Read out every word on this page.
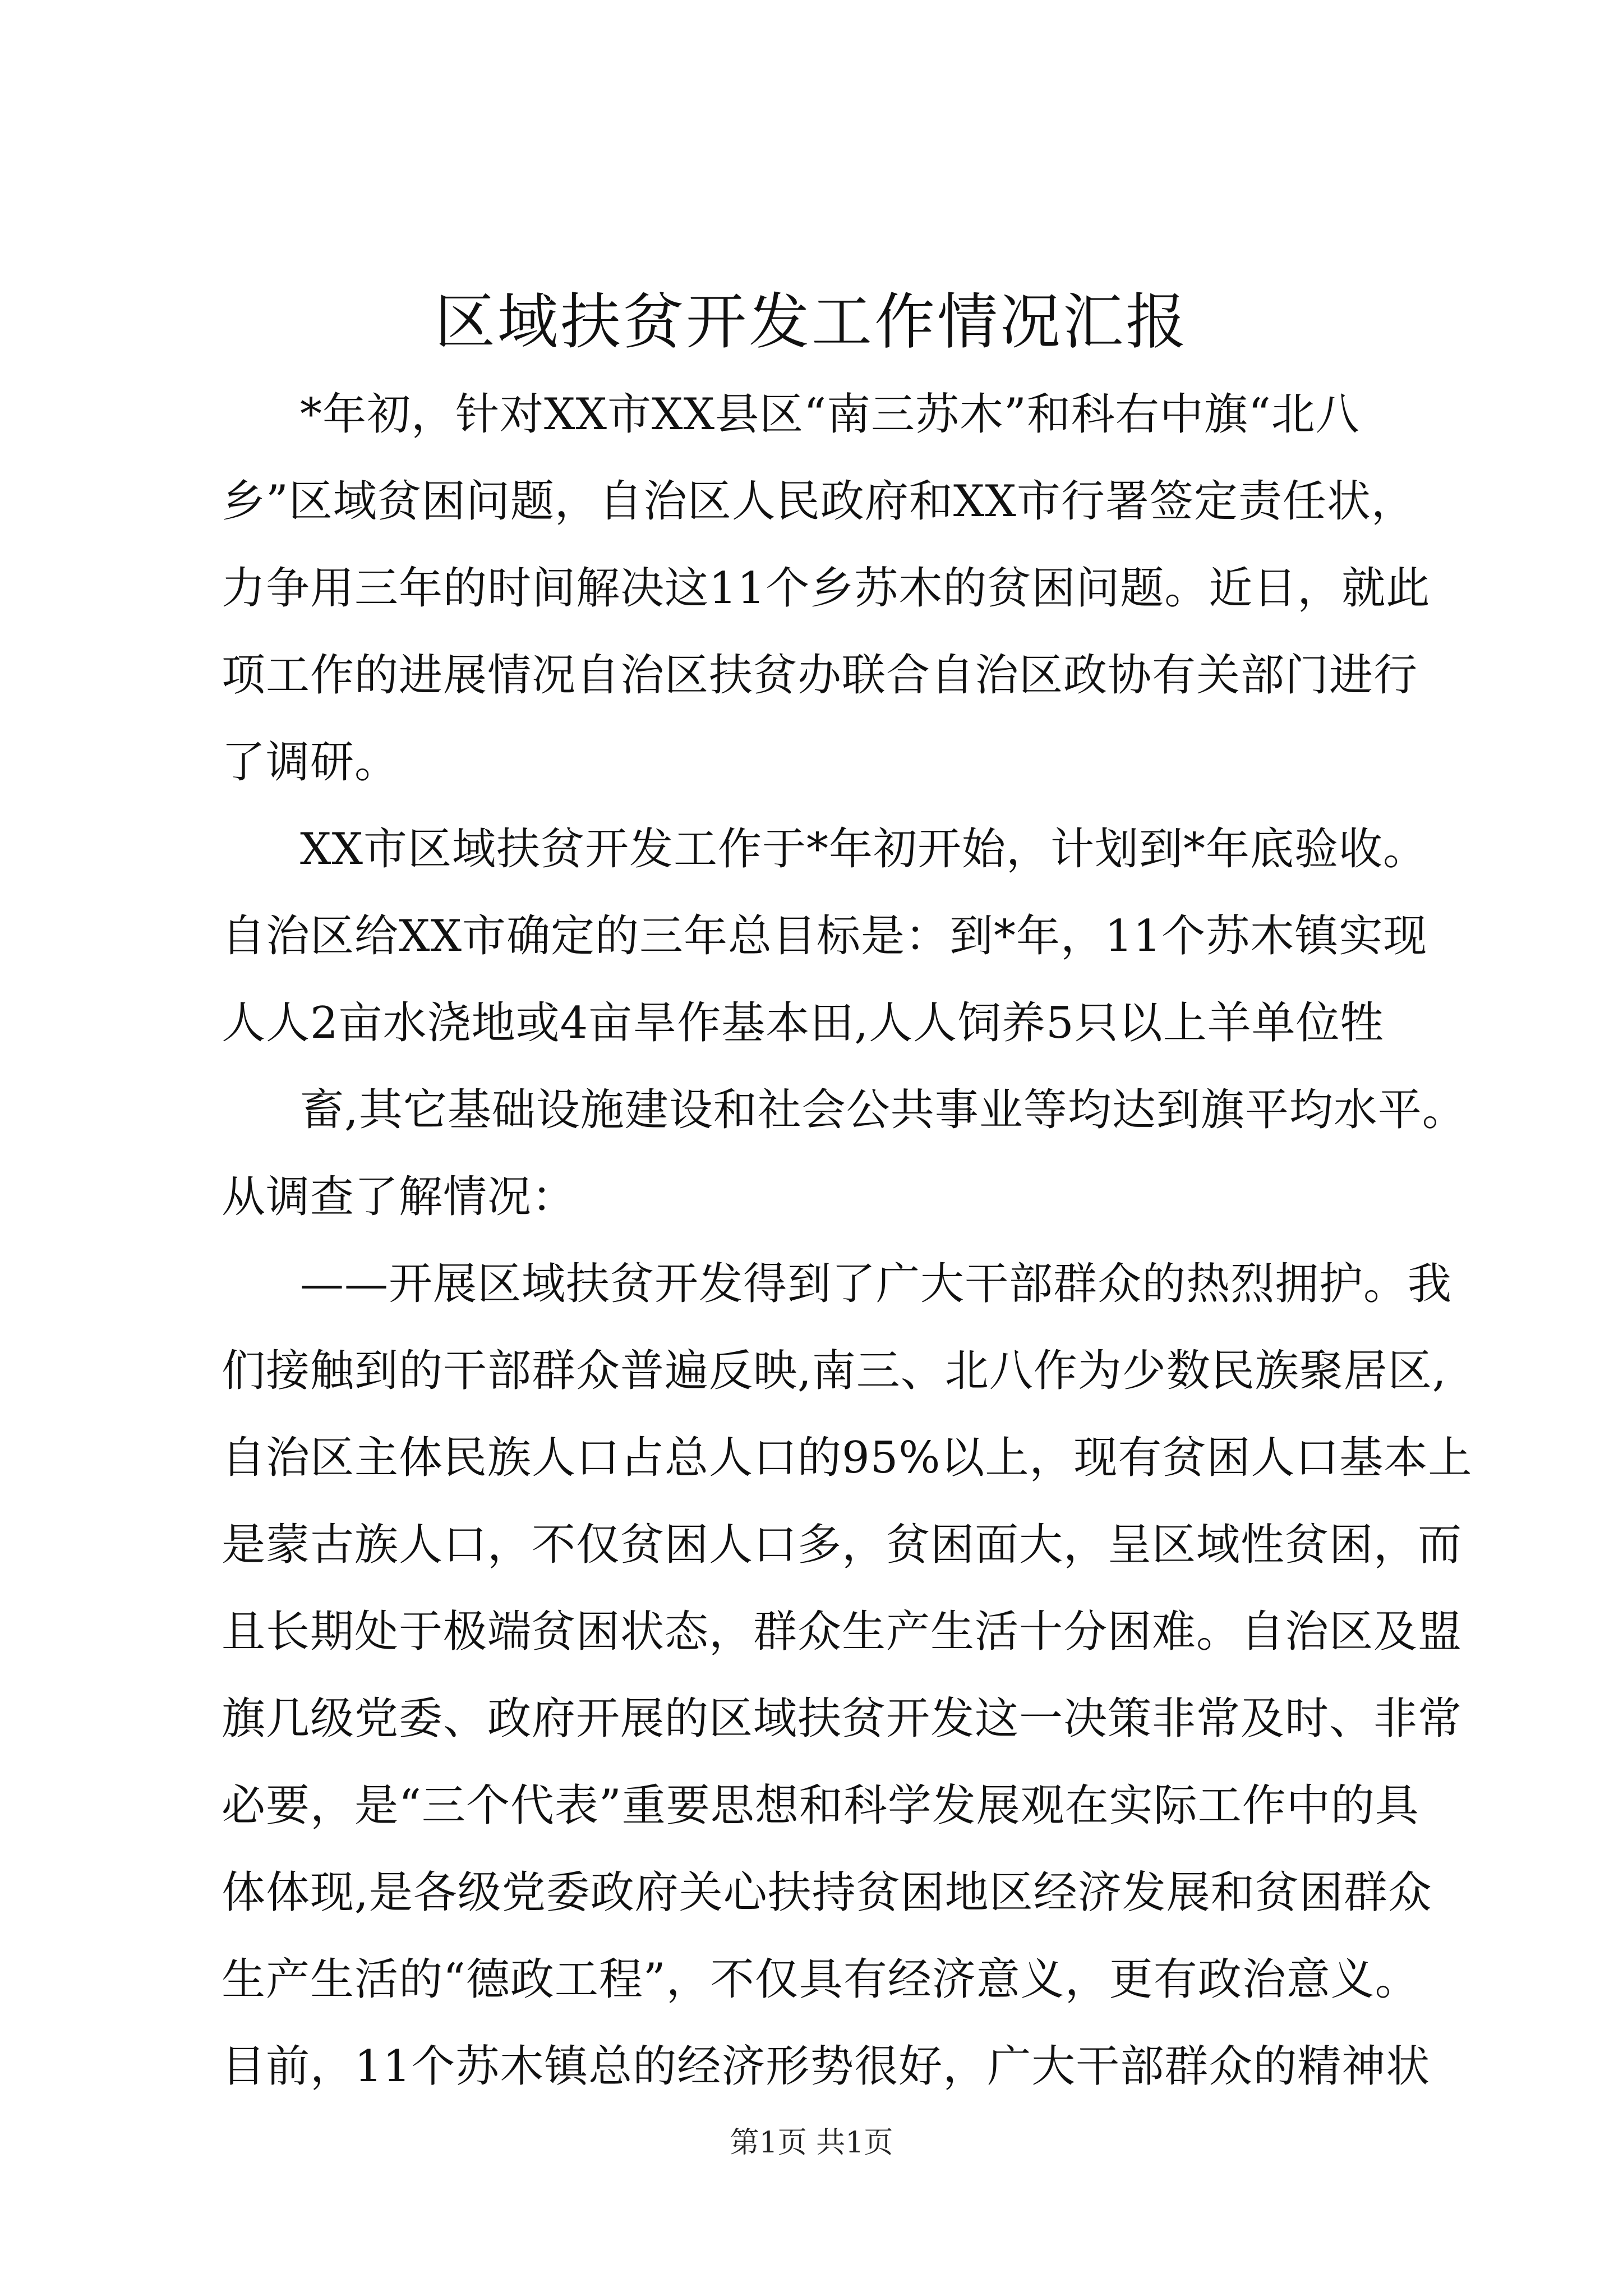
区域扶贫开发工作情况汇报
*年初，针对XX市XX县区“南三苏木”和科右中旗“北八
乡”区域贫困问题，自治区人民政府和XX市行署签定责任状，
力争用三年的时间解决这11个乡苏木的贫困问题。近日，就此
项工作的进展情况自治区扶贫办联合自治区政协有关部门进行
了调研。
XX市区域扶贫开发工作于*年初开始，计划到*年底验收。
自治区给XX市确定的三年总目标是：到*年，11个苏木镇实现
人人2亩水浇地或4亩旱作基本田,人人饲养5只以上羊单位牲
畜,其它基础设施建设和社会公共事业等均达到旗平均水平。
从调查了解情况：
——开展区域扶贫开发得到了广大干部群众的热烈拥护。我
们接触到的干部群众普遍反映,南三、北八作为少数民族聚居区,
自治区主体民族人口占总人口的95%以上，现有贫困人口基本上
是蒙古族人口，不仅贫困人口多，贫困面大，呈区域性贫困，而
且长期处于极端贫困状态，群众生产生活十分困难。自治区及盟
旗几级党委、政府开展的区域扶贫开发这一决策非常及时、非常
必要，是“三个代表”重要思想和科学发展观在实际工作中的具
体体现,是各级党委政府关心扶持贫困地区经济发展和贫困群众
生产生活的“德政工程”，不仅具有经济意义，更有政治意义。
目前，11个苏木镇总的经济形势很好，广大干部群众的精神状
第1页 共1页
